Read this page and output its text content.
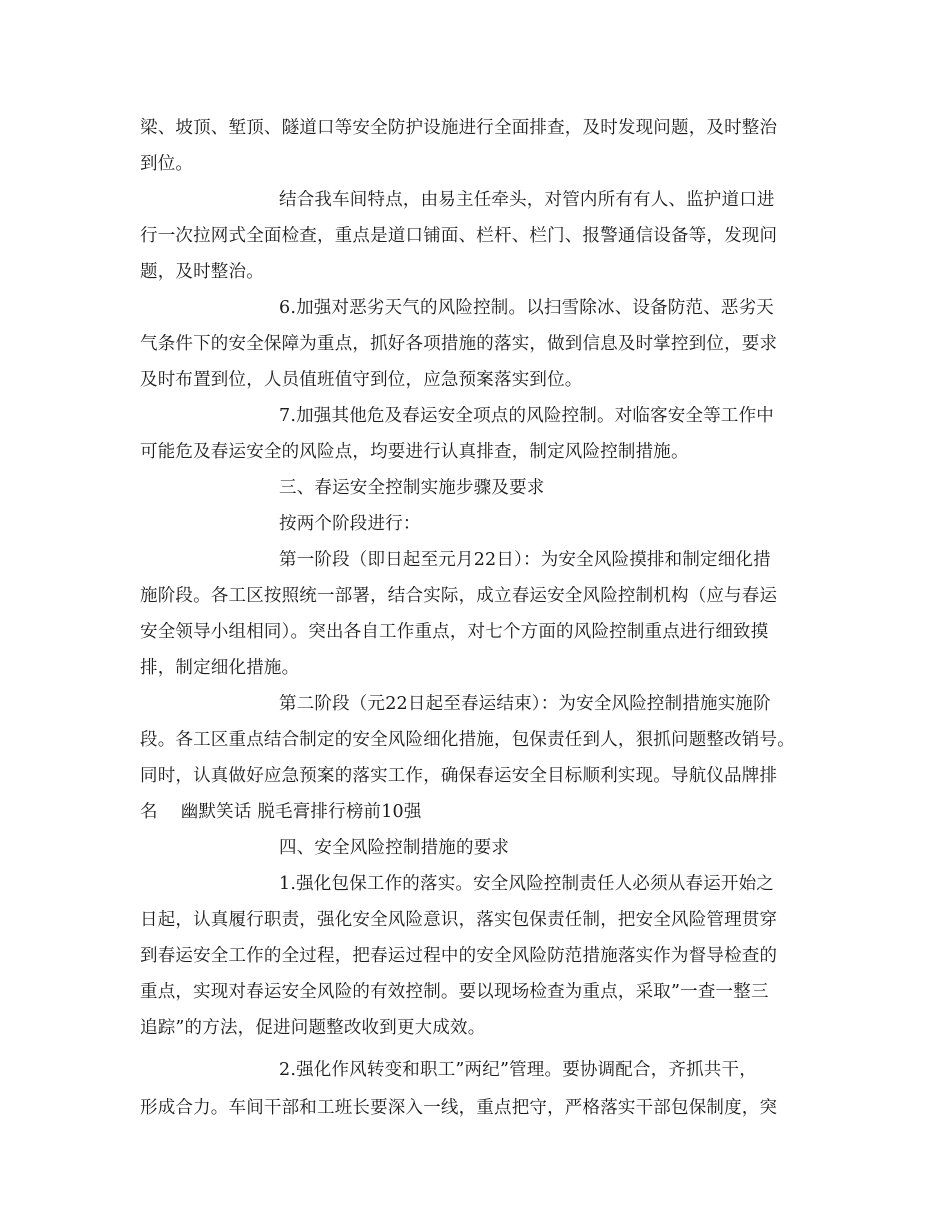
梁、坡顶、堑顶、隧道口等安全防护设施进行全面排查，及时发现问题，及时整治
到位。
结合我车间特点，由易主任牵头，对管内所有有人、监护道口进
行一次拉网式全面检查，重点是道口铺面、栏杆、栏门、报警通信设备等，发现问
题，及时整治。
6.加强对恶劣天气的风险控制。以扫雪除冰、设备防范、恶劣天
气条件下的安全保障为重点，抓好各项措施的落实，做到信息及时掌控到位，要求
及时布置到位，人员值班值守到位，应急预案落实到位。
7.加强其他危及春运安全项点的风险控制。对临客安全等工作中
可能危及春运安全的风险点，均要进行认真排查，制定风险控制措施。
三、春运安全控制实施步骤及要求
按两个阶段进行：
第一阶段（即日起至元月22日）：为安全风险摸排和制定细化措
施阶段。各工区按照统一部署，结合实际，成立春运安全风险控制机构（应与春运
安全领导小组相同）。突出各自工作重点，对七个方面的风险控制重点进行细致摸
排，制定细化措施。
第二阶段（元22日起至春运结束）：为安全风险控制措施实施阶
段。各工区重点结合制定的安全风险细化措施，包保责任到人，狠抓问题整改销号。
同时，认真做好应急预案的落实工作，确保春运安全目标顺利实现。导航仪品牌排
名    幽默笑话 脱毛膏排行榜前10强
四、安全风险控制措施的要求
1.强化包保工作的落实。安全风险控制责任人必须从春运开始之
日起，认真履行职责，强化安全风险意识，落实包保责任制，把安全风险管理贯穿
到春运安全工作的全过程，把春运过程中的安全风险防范措施落实作为督导检查的
重点，实现对春运安全风险的有效控制。要以现场检查为重点，采取”一查一整三
追踪”的方法，促进问题整改收到更大成效。
2.强化作风转变和职工”两纪”管理。要协调配合，齐抓共干，
形成合力。车间干部和工班长要深入一线，重点把守，严格落实干部包保制度，突
